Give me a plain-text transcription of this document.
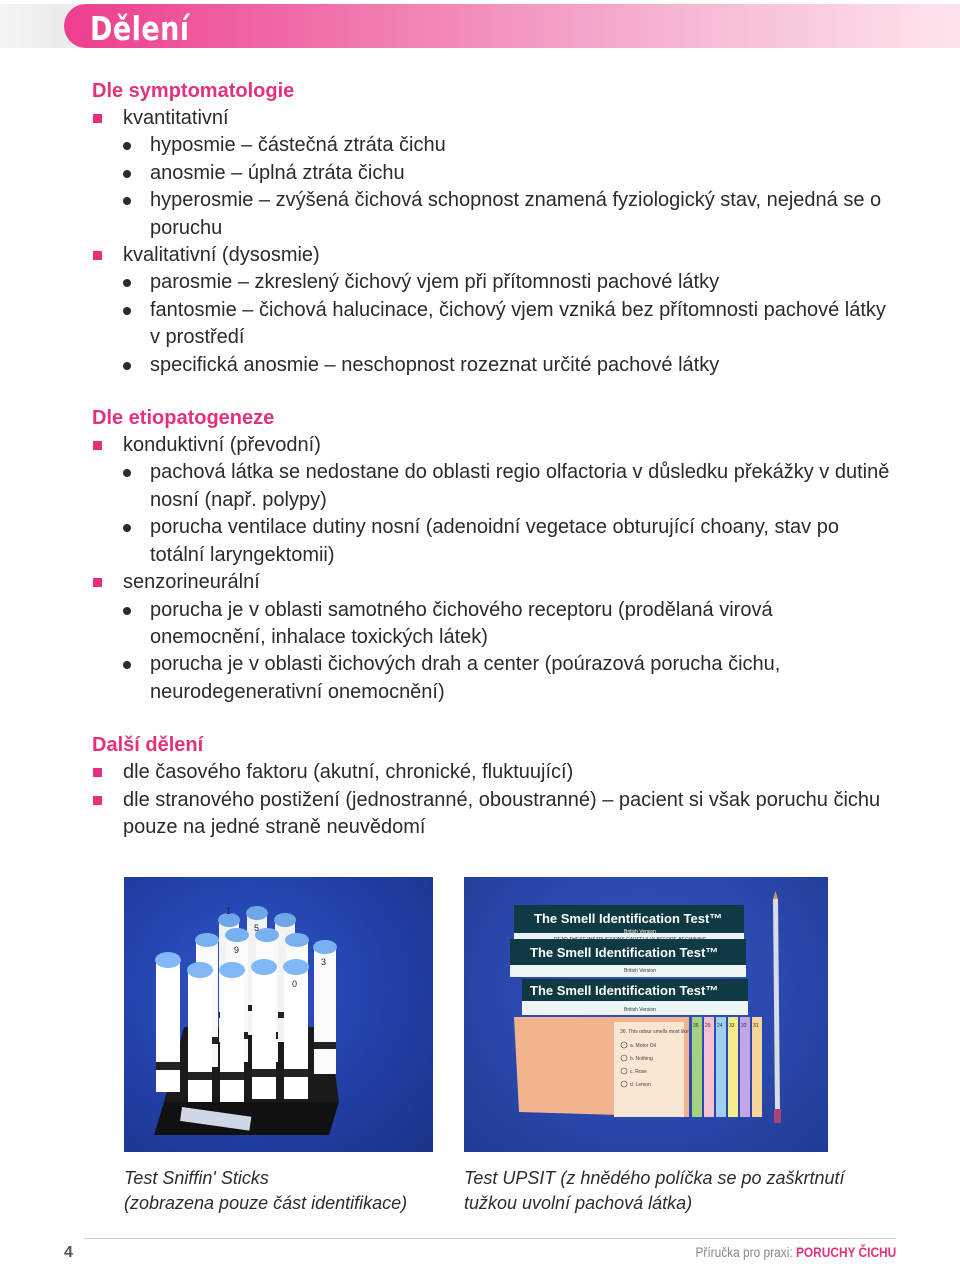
Dělení
Dle symptomatologie
kvantitativní
hyposmie – částečná ztráta čichu
anosmie – úplná ztráta čichu
hyperosmie – zvýšená čichová schopnost znamená fyziologický stav, nejedná se o poruchu
kvalitativní (dysosmie)
parosmie – zkreslený čichový vjem při přítomnosti pachové látky
fantosmie – čichová halucinace, čichový vjem vzniká bez přítomnosti pachové látky v prostředí
specifická anosmie – neschopnost rozeznat určité pachové látky
Dle etiopatogeneze
konduktivní (převodní)
pachová látka se nedostane do oblasti regio olfactoria v důsledku překážky v dutině nosní (např. polypy)
porucha ventilace dutiny nosní (adenoidní vegetace obturující choany, stav po totální laryngektomii)
senzorineurální
porucha je v oblasti samotného čichového receptoru (prodělaná virová onemocnění, inhalace toxických látek)
porucha je v oblasti čichových drah a center (poúrazová porucha čichu, neurodegenerativní onemocnění)
Další dělení
dle časového faktoru (akutní, chronické, fluktuující)
dle stranového postižení (jednostranné, oboustranné) – pacient si však poruchu čichu pouze na jedné straně neuvědomí
1
5
9
3
0
The Smell Identification Test™
The Smell Identification Test™
The Smell Identification Test™
British Version
READ THESE INSTRUCTIONS CAREFULLY BEFORE BEGINNING
British Version
British Version
36 29 24 33 32 31
36. This odour smells most like:
a. Motor Oil
b. Nothing
c. Rose
d. Lemon
Test Sniffin' Sticks
(zobrazena pouze část identifikace)
Test UPSIT (z hnědého políčka se po zaškrtnutí
tužkou uvolní pachová látka)
4	Příručka pro praxi: PORUCHY ČICHU
